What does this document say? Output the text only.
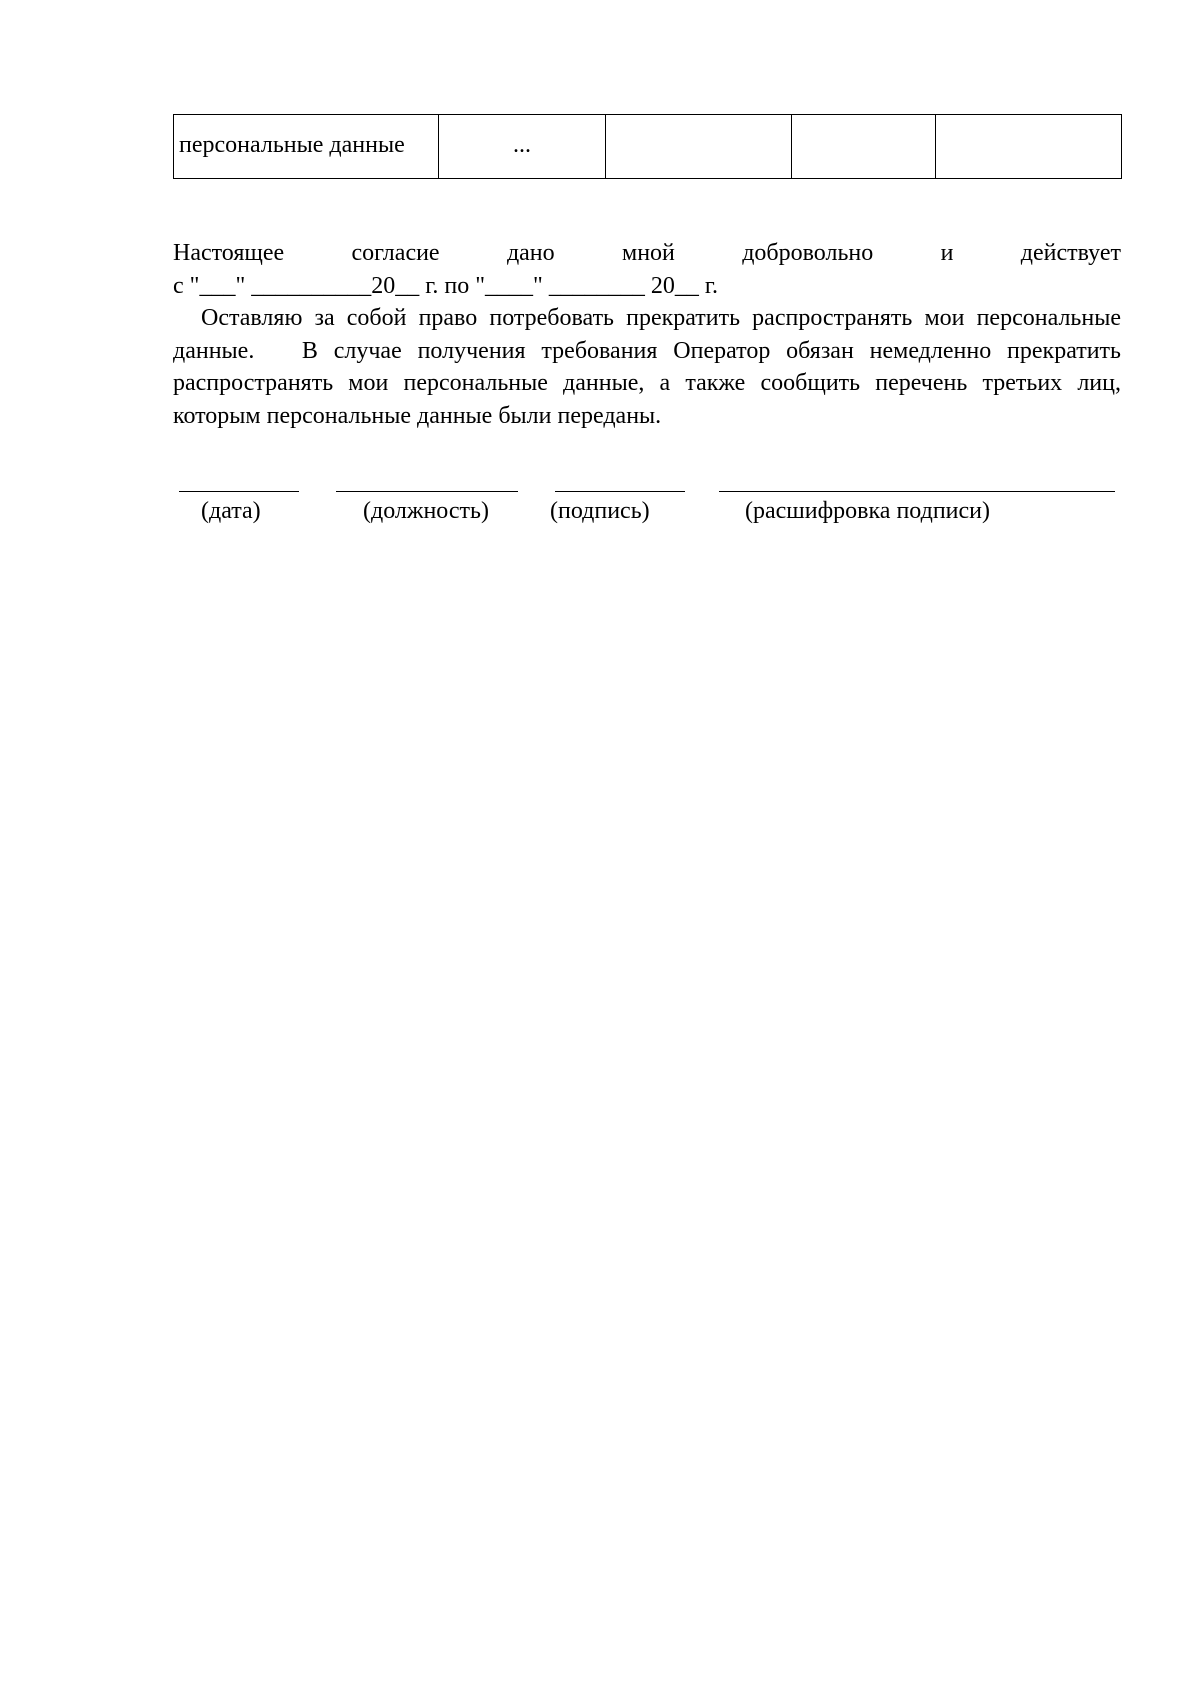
персональные данные	...			
Настоящее	согласие	дано	мной	добровольно	и	действует
с "___" __________20__ г. по "____" ________ 20__ г.
Оставляю за собой право потребовать прекратить распространять мои персональные   данные.   В случае получения требования Оператор обязан немедленно прекратить распространять мои персональные данные, а также сообщить перечень третьих лиц, которым персональные данные были переданы.
(дата)	(должность)	(подпись)	(расшифровка подписи)
